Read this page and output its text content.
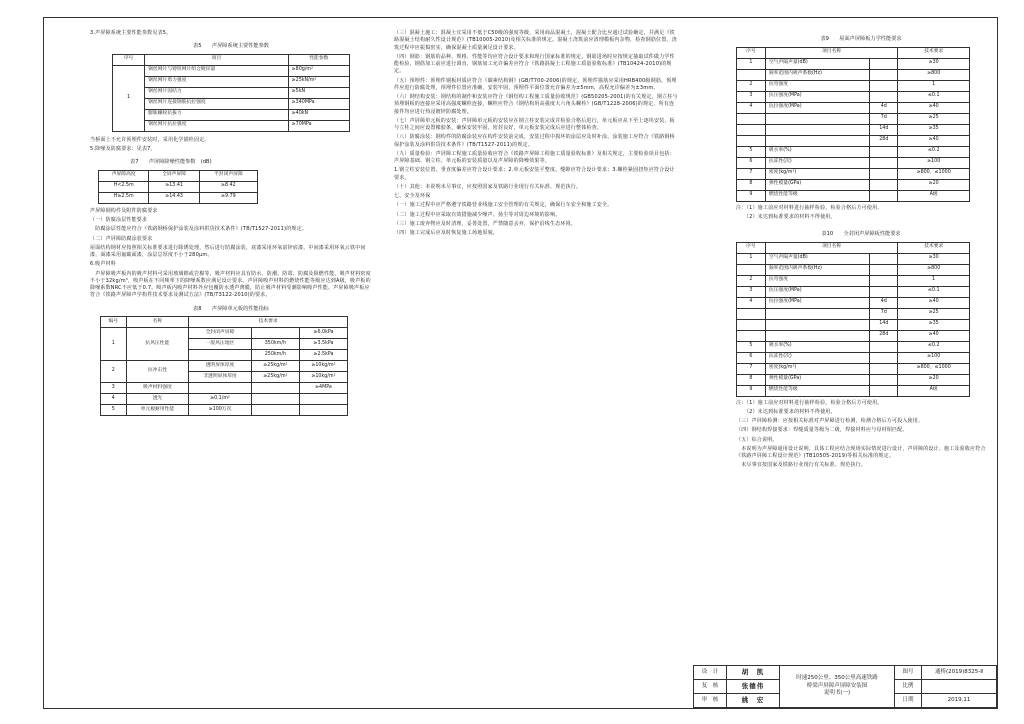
3.声屏障系统主要性能参数见表5。

表5　　声屏障系统主要性能参数
序号	项目	性能参数
1	钢丝网片与铸铁网片组合镀锌量	≥80g/m²
	钢丝网片剪力强度	≥25kN/m²
	钢丝网片固结力	≥5kN
	钢丝网片连接钢筋抗拉强度	≥340MPa
	膨胀螺栓抗拔力	≥40kN
	钢丝网片抗拉强度	≥70MPa

当桥面上不允许预埋件安装时，采用化学锚栓固定。

5.降噪及防腐要求：见表7。

表7　　声屏障降噪性能参数　(dB)
声屏障高度	全屏声屏障	半封闭声屏障
H<2.5m	≥13.41	≥8.42
H≥2.5m	≥14.43	≥9.79

声屏障钢构件及附件防腐要求

（一）防腐涂层性能要求

　防腐涂层性能应符合《铁路钢桥保护涂装及涂料供货技术条件》(TB/T1527-2011)的规定。

（二）声屏障防腐涂装要求

屋面结构钢材应按照相关标准要求进行除锈处理，然后进行防腐涂装，底漆采用环氧富锌底漆，中间漆采用环氧云铁中间漆，面漆采用氟碳面漆，涂层总厚度不小于280μm。

6.吸声材料

　声屏障吸声板内的吸声材料可采用玻璃棉或岩棉等，吸声材料应具有防水、防潮、防霉、防腐及阻燃性能，吸声材料密度不小于32kg/m³，吸声板在不同频率下的降噪系数应满足设计要求。声屏障吸声材料的燃烧性能等级应达到A级，吸声板的降噪系数NRC不应低于0.7。吸声板内吸声材料外应包覆防水透声薄膜，防止吸声材料受潮影响吸声性能。声屏障吸声板应符合《铁路声屏障声学构件技术要求及测试方法》(TB/T3122-2010)的要求。

表8　　声屏障单元板的性能指标
编号	名称	技术要求		
1	抗风压性能	全封闭声屏障		≥6.0kPa
		一般风压地区	350km/h	≥3.5kPa
			250km/h	≥2.5kPa
2	抗冲击性	透明屏体厚度	≥25kg/m²	≥10kg/m²
		非透明屏体厚度	≥25kg/m²	≥10kg/m²
3	吸声材料强度			≥4MPa
4	透光	≥0.1/m²		
5	单元板耐用性能	≥100万次		

（三）混凝土施工：混凝土宜采用不低于C50级的强度等级，采用商品混凝土，混凝土配合比应通过试验确定，并满足《铁路混凝土结构耐久性设计规范》(TB10005-2010)及相关标准的规定。混凝土浇筑前应清理模板内杂物，检查钢筋位置，浇筑过程中应振捣密实，确保混凝土质量满足设计要求。

（四）钢筋：钢筋的品种、规格、性能等均应符合设计要求和现行国家标准的规定，钢筋进场时应按规定抽取试件做力学性能检验，钢筋加工前应进行调直，钢筋加工允许偏差应符合《铁路混凝土工程施工质量验收标准》(TB10424-2010)的规定。

（五）预埋件：预埋件钢板材质应符合《碳素结构钢》(GB/T700-2006)的规定，预埋件锚筋应采用HRB400级钢筋，预埋件应进行防腐处理，预埋件位置应准确，安装牢固，预埋件平面位置允许偏差为±5mm，高程允许偏差为±3mm。

（六）钢结构安装：钢结构的制作和安装应符合《钢结构工程施工质量验收规范》(GB50205-2001)的有关规定，钢立柱与预埋钢板的连接应采用高强度螺栓连接，螺栓应符合《钢结构用高强度大六角头螺栓》(GB/T1228-2006)的规定，所有连接件均应进行热浸镀锌防腐处理。

（七）声屏障单元板的安装：声屏障单元板的安装应在钢立柱安装完成并检验合格后进行，单元板应从下至上逐块安装，板与立柱之间应设置橡胶条，确保安装牢固、密封良好，单元板安装完成后应进行整体检查。

（八）防腐涂装：钢构件的防腐涂装应在构件安装前完成，安装过程中损坏的涂层应及时补涂，涂装施工应符合《铁路钢桥保护涂装及涂料供货技术条件》(TB/T1527-2011)的规定。

（九）质量检验：声屏障工程施工质量验收应符合《铁路声屏障工程施工质量验收标准》及相关规定，主要检验项目包括：声屏障基础、钢立柱、单元板的安装质量以及声屏障的降噪效果等。

1.钢立柱安装位置、垂直度偏差应符合设计要求；2.单元板安装平整度、缝隙应符合设计要求；3.螺栓紧固扭矩应符合设计要求。

（十）其他：本说明未尽事宜，应按照国家及铁路行业现行有关标准、规范执行。

七、安全及环保

（一）施工过程中应严格遵守铁路营业线施工安全管理的有关规定，确保行车安全和施工安全。

（二）施工过程中应采取有效措施减少噪声、扬尘等对周边环境的影响。

（三）施工废弃物应及时清理，妥善处置，严禁随意丢弃，保护沿线生态环境。

（四）施工完成后应及时恢复施工场地原貌。

表9　　屋面声屏障板力学性能要求
序号	项目名称		技术要求
1	空气声隔声量(dB)		≥30
	频率范围内吸声系数(Hz)		≥800
2	抗弯强度		1
3	抗压强度(MPa)		≤0.1
4	抗拉强度(MPa)	4d	≥40
		7d	≥25
		14d	≥35
		28d	≥40
5	吸水率(%)		≤0.2
6	抗冻性(次)		≥100
7	密度(kg/m³)		≥800，≤1000
8	弹性模量(GPa)		≥20
9	燃烧性能等级		A级

注：（1）施工前应对材料进行抽样检验，检验合格后方可使用。

　　（2）未达到标准要求的材料不得使用。

表10　　全封闭声屏障板性能要求
序号	项目名称		技术要求
1	空气声隔声量(dB)		≥30
	频率范围内吸声系数(Hz)		≥800
2	抗弯强度		1
3	抗压强度(MPa)		≤0.1
4	抗拉强度(MPa)	4d	≥40
		7d	≥25
		14d	≥35
		28d	≥40
5	吸水率(%)		≤0.2
6	抗冻性(次)		≥100
7	密度(kg/m³)		≥800，≤1000
8	弹性模量(GPa)		≥20
9	燃烧性能等级		A级

注：（1）施工前应对材料进行抽样检验，检验合格后方可使用。

　　（2）未达到标准要求的材料不得使用。

（三）声屏障检测：应按相关标准对声屏障进行检测，检测合格后方可投入使用。

（四）钢结构焊接要求：焊缝质量等级为二级，焊接材料应与母材相匹配。

（五）综合说明。

　本说明为声屏障通用设计说明，具体工程应结合现场实际情况进行设计，声屏障的设计、施工及验收应符合《铁路声屏障工程设计规范》(TB10505-2019)等相关标准的规定。

　未尽事宜按国家及铁路行业现行有关标准、规范执行。

设　计	胡　凯	时速250公里、350公里高速铁路
桥梁声屏障声屏障安装图
说明书(一)	图号	通桥(2019)8325-Ⅱ
复　核	张德伟		比例	
审　核	姚　宏		日期	2019.11
